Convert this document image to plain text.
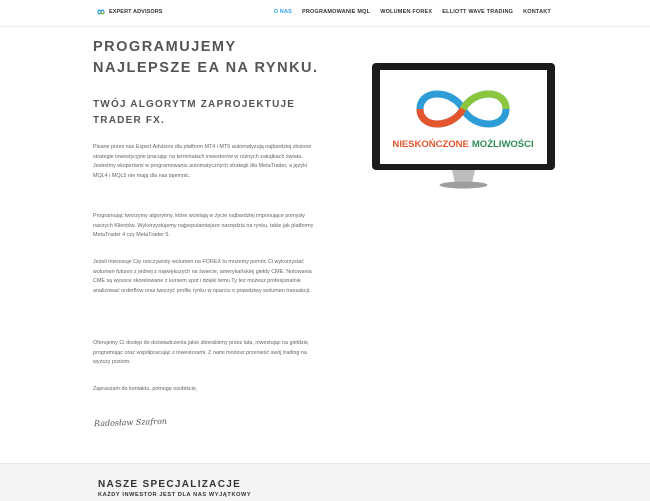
EXPERT ADVISORS	O NAS PROGRAMOWANIE MQL WOLUMEN FOREX ELLIOTT WAVE TRADING KONTAKT
PROGRAMUJEMY
NAJLEPSZE EA NA RYNKU.
TWÓJ ALGORYTM ZAPROJEKTUJE
TRADER FX.

Pisane przez nas Expert Advisors dla platform MT4 i MT5 automatyzują najbardziej złożone strategie inwestycyjne pracując na terminalach inwestorów w różnych zakątkach świata. Jesteśmy ekspertami w programowaniu automatycznych strategii dla MetaTrader, a języki MQL4 i MQL5 nie mają dla nas tajemnic.

Programując tworzymy algorytmy, które wcielają w życie najbardziej imponujące pomysły naszych Klientów. Wykorzystujemy najpopularniejsze narzędzia na rynku, takie jak platformy MetaTrader 4 czy MetaTrader 5.

Jeżeli interesuje Cię rzeczywisty wolumen na FOREX to możemy pomóc Ci wykorzystać wolumen futures z jednej z największych na świecie, amerykańskiej giełdy CME. Notowania CME są wysoce skorelowane z kursem spot i dzięki temu Ty też możesz profesjonalnie analizować orderflow oraz tworzyć profile rynku w oparciu o prawdziwy wolumen transakcji.

Oferujemy Ci dostęp do doświadczenia jakie zbieraliśmy przez lata, inwestując na giełdzie, programując oraz współpracując z inwestorami. Z nami możesz przenieść swój trading na wyższy poziom.

Zapraszam do kontaktu, pomogę osobiście,

Radosław Szafron
NIESKOŃCZONE MOŻLIWOŚCI
NASZE SPECJALIZACJE
KAŻDY INWESTOR JEST DLA NAS WYJĄTKOWY
